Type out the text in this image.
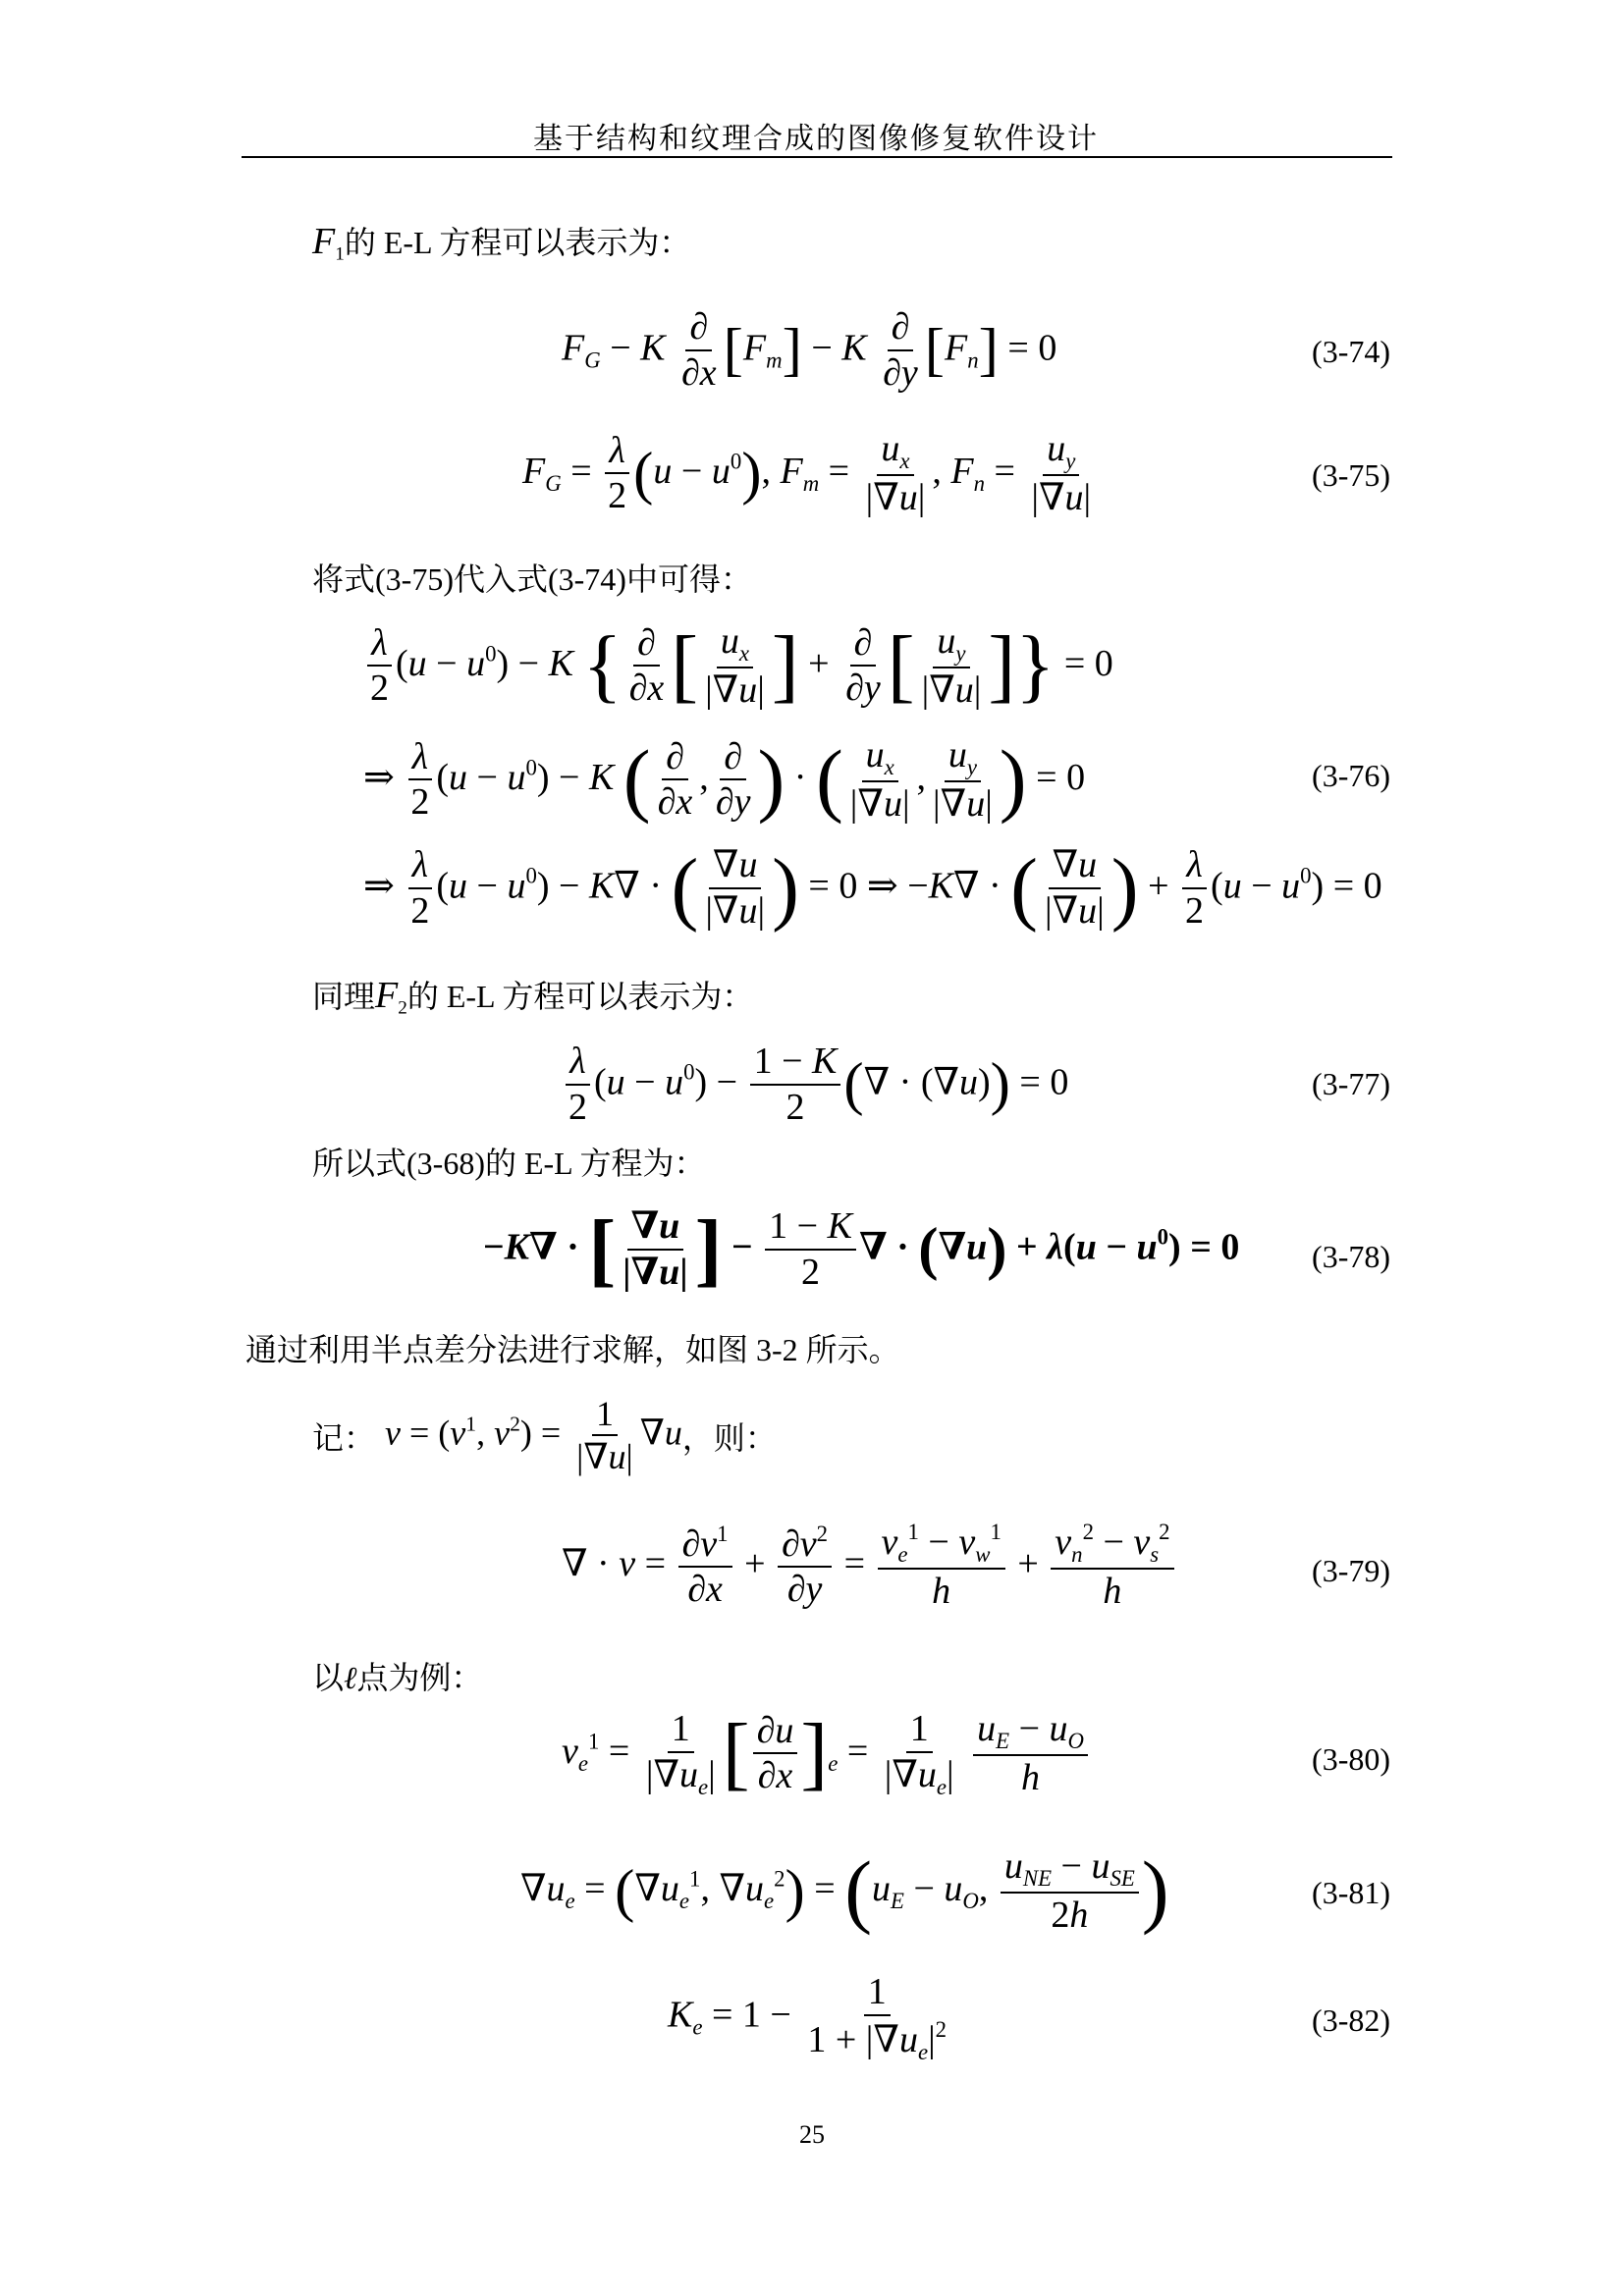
基于结构和纹理合成的图像修复软件设计
$F_1$的 E-L 方程可以表示为：
$F_G - K \frac{\partial}{\partial x} [F_m] - K \frac{\partial}{\partial y} [F_n] = 0$	(3-74)
$F_G = \frac{\lambda}{2} (u - u^0)$, $F_m = \frac{u_x}{|\nabla u|}$ , $F_n = \frac{u_y}{|\nabla u|}$	(3-75)
将式(3-75)代入式(3-74)中可得：
$\frac{\lambda}{2} (u - u^0) - K$ { $\frac{\partial}{\partial x}$ [ $\frac{u_x}{|\nabla u|}$ ] + $\frac{\partial}{\partial y}$ [ $\frac{u_y}{|\nabla u|}$ ]} = 0
⇒ $\frac{\lambda}{2} (u - u^0) - K$ ( $\frac{\partial}{\partial x}$ , $\frac{\partial}{\partial y}$ ) · ( $\frac{u_x}{|\nabla u|}$ , $\frac{u_y}{|\nabla u|}$ ) = 0	(3-76)
⇒ $\frac{\lambda}{2} (u - u^0) - K\nabla$ · ( $\frac{\nabla u}{|\nabla u|}$ ) = 0 ⇒ −K∇ · ( $\frac{\nabla u}{|\nabla u|}$ ) + $\frac{\lambda}{2} (u - u^0) = 0$
同理$F_2$的 E-L 方程可以表示为：
$\frac{\lambda}{2} (u - u^0) - \frac{1 - K}{2}$ (∇ · (∇u)) = 0	(3-77)
所以式(3-68)的 E-L 方程为：
−K∇ · [ $\frac{\nabla u}{|\nabla u|}$ ] − $\frac{1 - K}{2}$ ∇ · $(\nabla u) + \lambda(u - u^0) = 0$ (3-78)
通过利用半点差分法进行求解，如图 3-2 所示。
记： $v = (v^1$, $v^2) = \frac{1}{|\nabla u|} \nabla u$ ，则：
∇ · $v = \frac{\partial v^1}{\partial x} + \frac{\partial v^2}{\partial y} = \frac{v_e^1 - v_w^1}{h} + \frac{v_n^2 - v_s^2}{h}$	(3-79)
以ℓ点为例：
$v_e^1 = \frac{1}{|\nabla u_e|}$ [ $\frac{\partial u}{\partial x} ]_e = \frac{1}{|\nabla u_e|}$
$\frac{u_E - u_O}{h}$	(3-80)
$\nabla u_e = (\nabla u_e^1$, $\nabla u_e^2) = (u_E - u_O$, $\frac{u_{NE} - u_{SE}}{2h}$ )	(3-81)
$K_e = 1 - \frac{1}{1 + |\nabla u_e|^2}$	(3-82)
25
